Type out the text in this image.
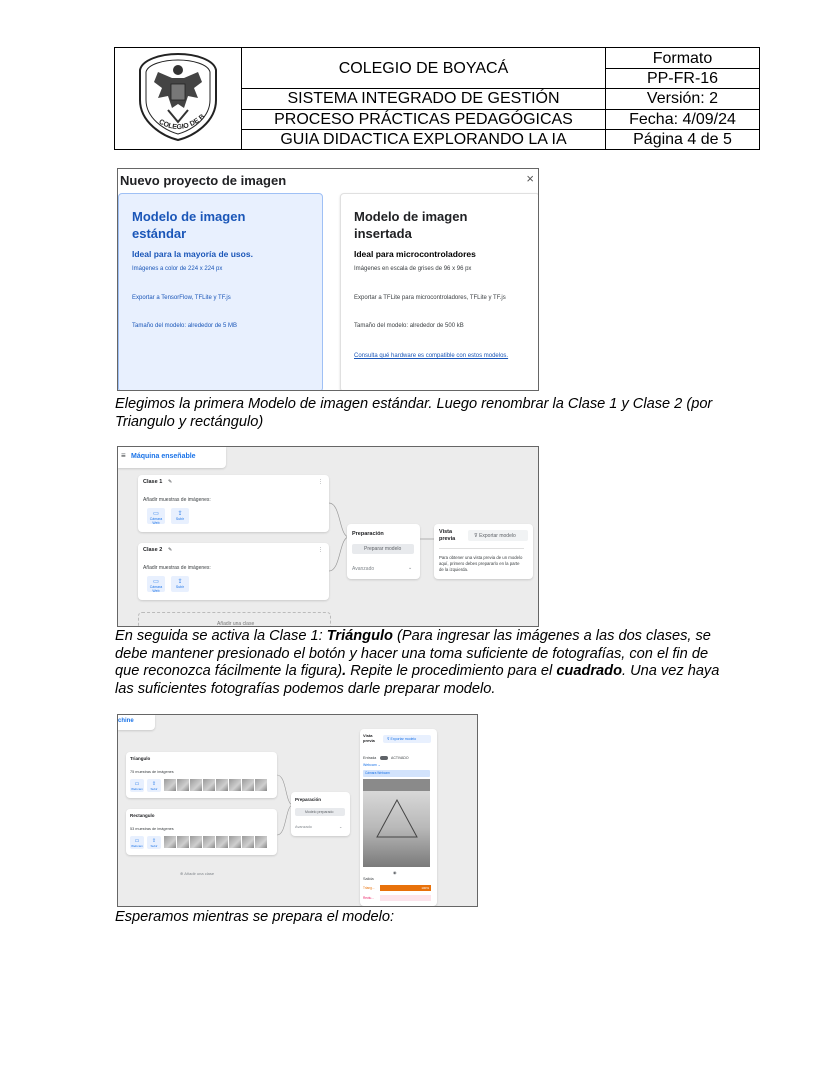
COLEGIO DE B	COLEGIO DE BOYACÁ	Formato
		PP-FR-16
	SISTEMA INTEGRADO DE GESTIÓN	Versión: 2
	PROCESO PRÁCTICAS PEDAGÓGICAS	Fecha: 4/09/24
	GUIA DIDACTICA EXPLORANDO LA IA	Página 4 de 5
Nuevo proyecto de imagen	×
Modelo de imagen estándar
Ideal para la mayoría de usos.
Imágenes a color de 224 x 224 px
Exportar a TensorFlow, TFLite y TF.js
Tamaño del modelo: alrededor de 5 MB
Modelo de imagen insertada
Ideal para microcontroladores
Imágenes en escala de grises de 96 x 96 px
Exportar a TFLite para microcontroladores, TFLite y TF.js
Tamaño del modelo: alrededor de 500 kB
Consulta qué hardware es compatible con estos modelos.
Elegimos la primera Modelo de imagen estándar. Luego renombrar la Clase 1 y Clase 2 (por Triangulo y rectángulo)
≡ Máquina enseñable
Clase 1 ✎	⋮
Añadir muestras de imágenes:
▭
Cámara Web
⇪
Subir
Clase 2 ✎	⋮
Añadir muestras de imágenes:
▭
Cámara Web
⇪
Subir
Añadir una clase
Preparación
Preparar modelo
Avanzado	⌄
Vista previa	⊽ Exportar modelo
Para obtener una vista previa de un modelo aquí, primero debes prepararlo en la parte de la izquierda.
En seguida se activa la Clase 1: Triángulo (Para ingresar las imágenes a las dos clases, se debe mantener presionado el botón y hacer una toma suficiente de fotografías, con el fin de que reconozca fácilmente la figura). Repite le procedimiento para el cuadrado. Una vez haya las suficientes fotografías podemos darle preparar modelo.
chine
Triangulo
75 muestras de imágenes
▭
Webcam
⇪
Subir
Rectangulo
53 muestras de imágenes
▭
Webcam
⇪
Subir
⊕ Añadir una clase
Preparación
Modelo preparado
Avanzado	⌄
Vista previa	⊽ Exportar modelo
Entrada	ACTIVADO
Webcam ⌄
Cámara Webcam
◉
Salida
Triang...	100%
Rectu...
Esperamos mientras se prepara el modelo:
